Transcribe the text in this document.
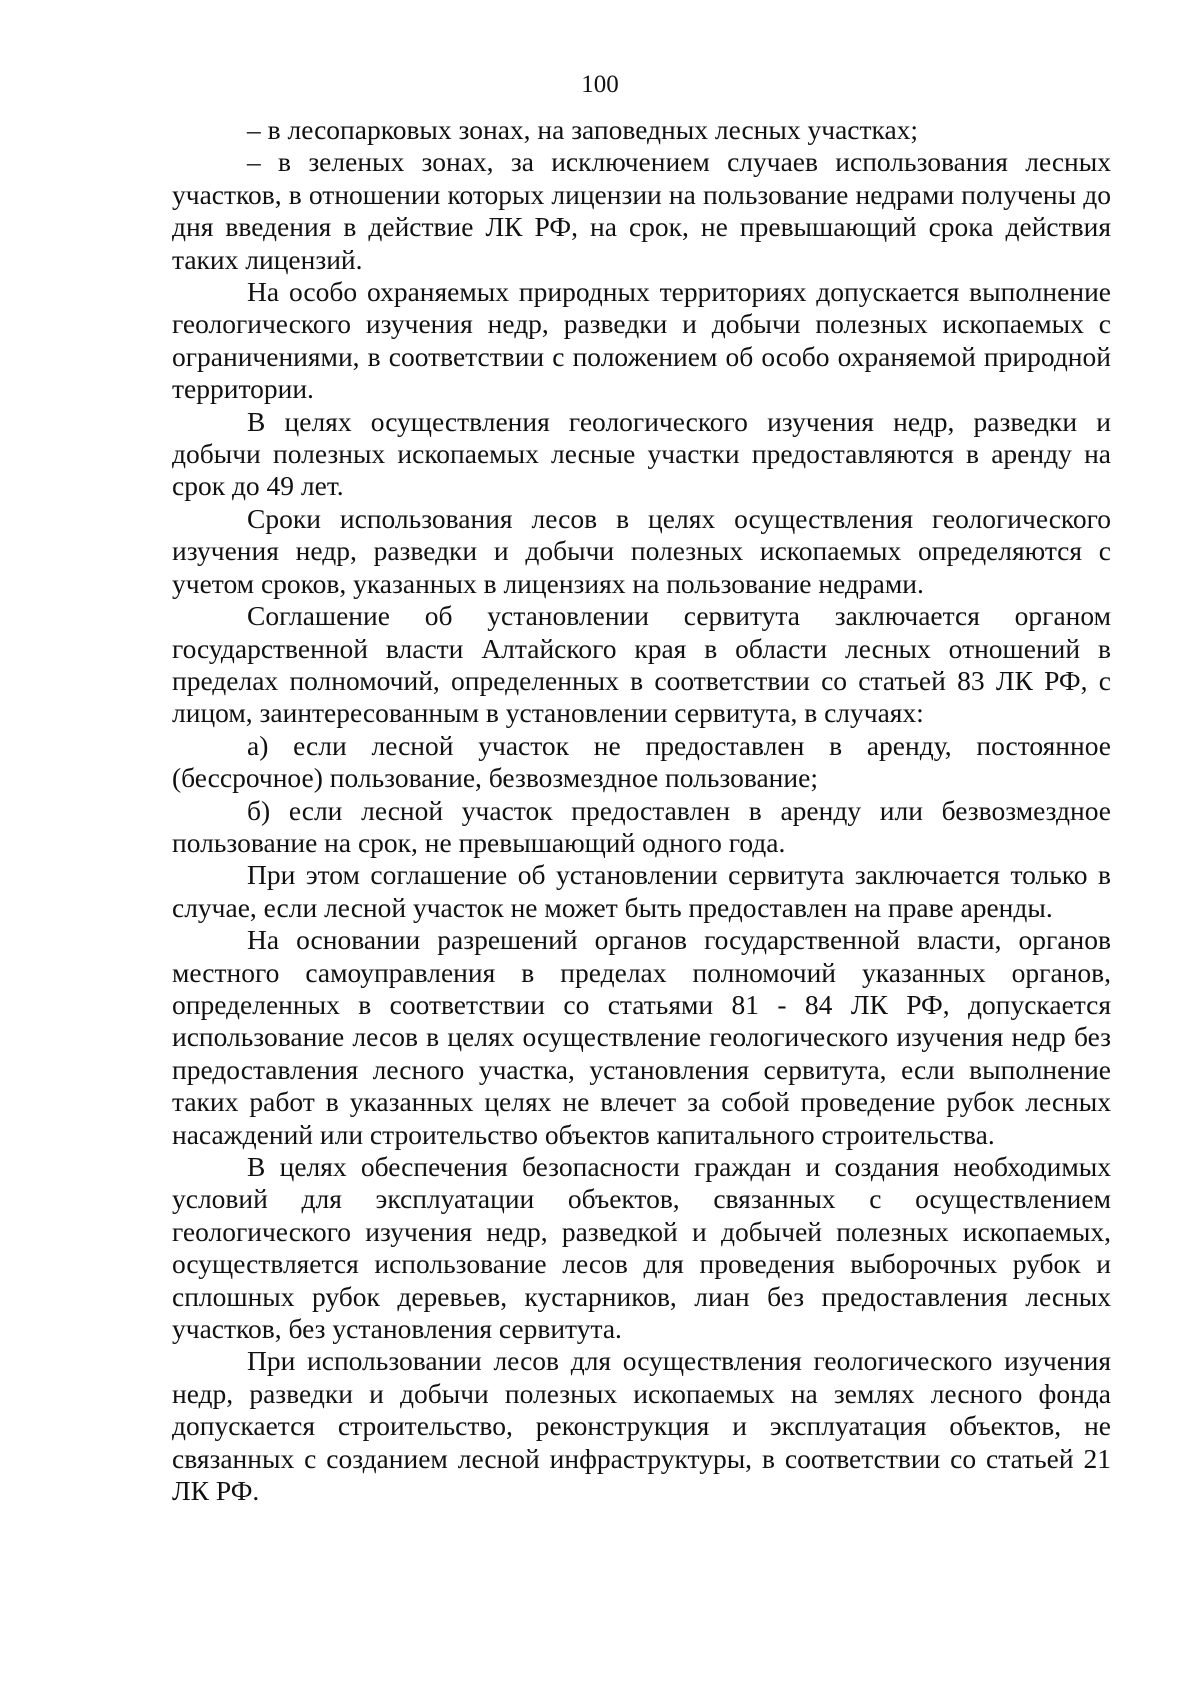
100

– в лесопарковых зонах, на заповедных лесных участках;

– в зеленых зонах, за исключением случаев использования лесных участков, в отношении которых лицензии на пользование недрами получены до дня введения в действие ЛК РФ, на срок, не превышающий срока действия таких лицензий.

На особо охраняемых природных территориях допускается выполнение геологического изучения недр, разведки и добычи полезных ископаемых с ограничениями, в соответствии с положением об особо охраняемой природной территории.

В целях осуществления геологического изучения недр, разведки и добычи полезных ископаемых лесные участки предоставляются в аренду на срок до 49 лет.

Сроки использования лесов в целях осуществления геологического изучения недр, разведки и добычи полезных ископаемых определяются с учетом сроков, указанных в лицензиях на пользование недрами.

Соглашение об установлении сервитута заключается органом государственной власти Алтайского края в области лесных отношений в пределах полномочий, определенных в соответствии со статьей 83 ЛК РФ, с лицом, заинтересованным в установлении сервитута, в случаях:

а) если лесной участок не предоставлен в аренду, постоянное (бессрочное) пользование, безвозмездное пользование;

б) если лесной участок предоставлен в аренду или безвозмездное пользование на срок, не превышающий одного года.

При этом соглашение об установлении сервитута заключается только в случае, если лесной участок не может быть предоставлен на праве аренды.

На основании разрешений органов государственной власти, органов местного самоуправления в пределах полномочий указанных органов, определенных в соответствии со статьями 81 - 84 ЛК РФ, допускается использование лесов в целях осуществление геологического изучения недр без предоставления лесного участка, установления сервитута, если выполнение таких работ в указанных целях не влечет за собой проведение рубок лесных насаждений или строительство объектов капитального строительства.

В целях обеспечения безопасности граждан и создания необходимых условий для эксплуатации объектов, связанных с осуществлением геологического изучения недр, разведкой и добычей полезных ископаемых, осуществляется использование лесов для проведения выборочных рубок и сплошных рубок деревьев, кустарников, лиан без предоставления лесных участков, без установления сервитута.

При использовании лесов для осуществления геологического изучения недр, разведки и добычи полезных ископаемых на землях лесного фонда допускается строительство, реконструкция и эксплуатация объектов, не связанных с созданием лесной инфраструктуры, в соответствии со статьей 21 ЛК РФ.
